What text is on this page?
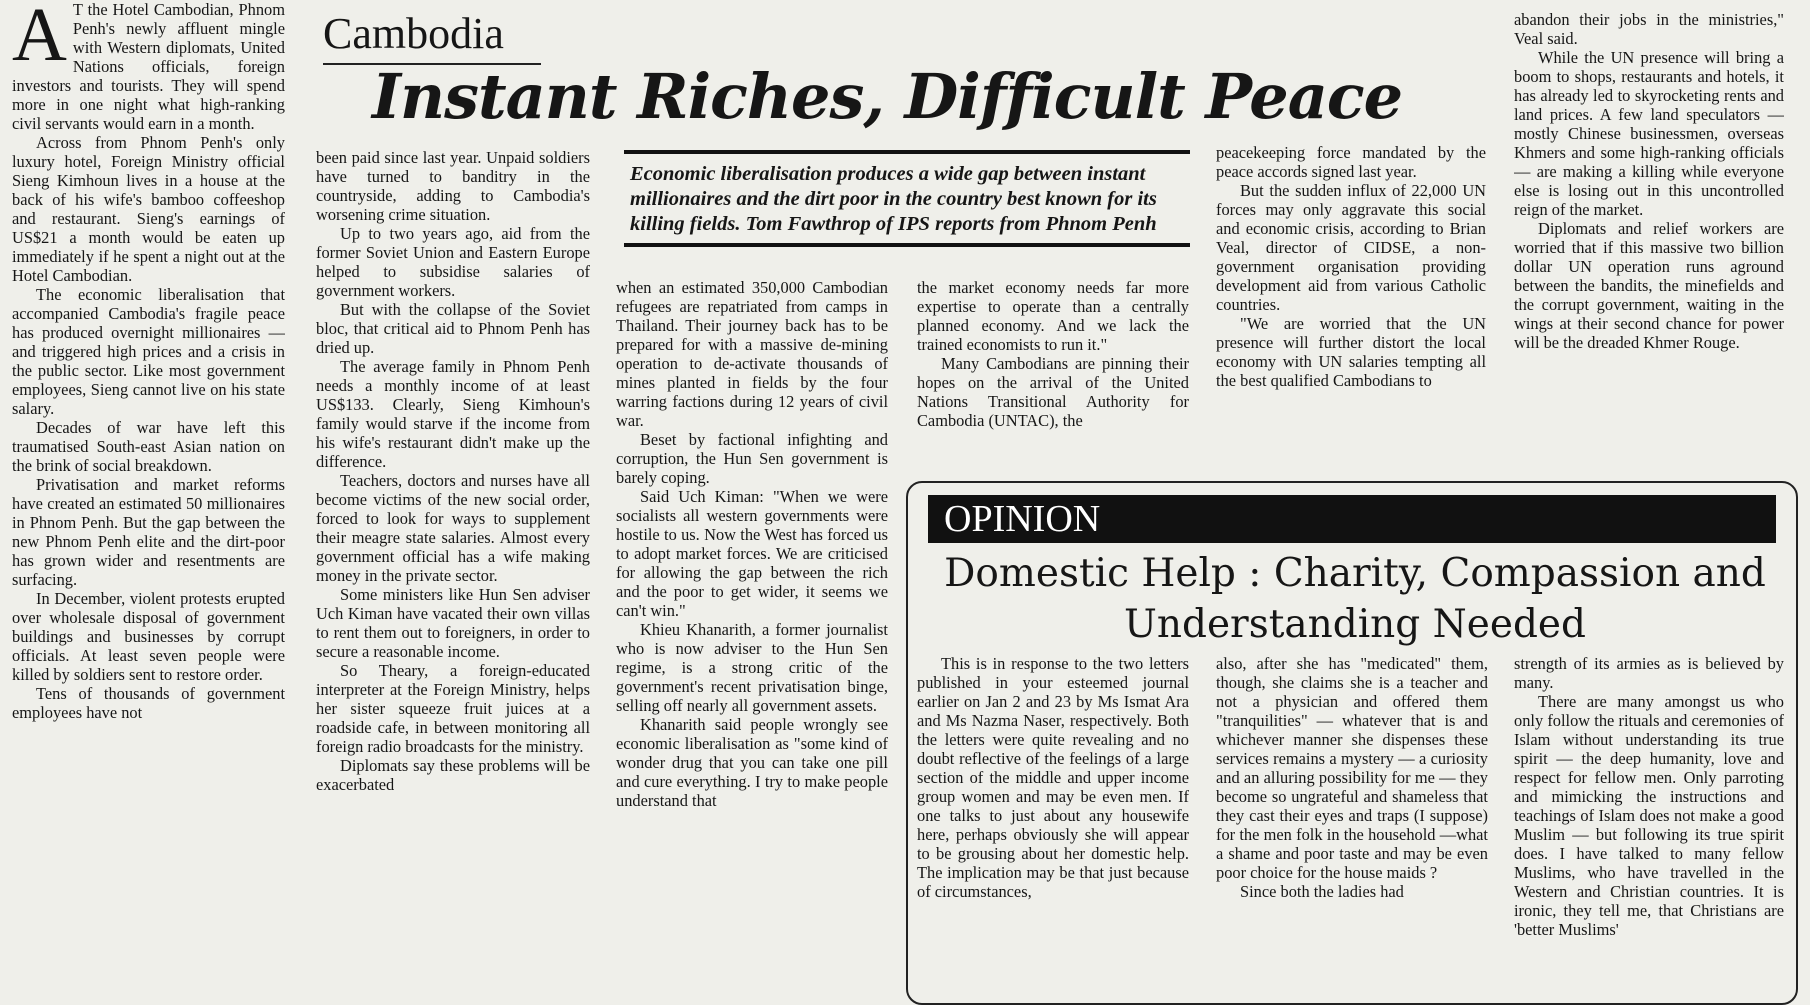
Cambodia
Instant Riches, Difficult Peace
Economic liberalisation produces a wide gap between instant millionaires and the dirt poor in the country best known for its killing fields. Tom Fawthrop of IPS reports from Phnom Penh
A T the Hotel Cambodian, Phnom Penh's newly affluent mingle with Western diplomats, United Nations officials, foreign investors and tourists. They will spend more in one night what high-ranking civil servants would earn in a month.

Across from Phnom Penh's only luxury hotel, Foreign Ministry official Sieng Kimhoun lives in a house at the back of his wife's bamboo coffeeshop and restaurant. Sieng's earnings of US$21 a month would be eaten up immediately if he spent a night out at the Hotel Cambodian.

The economic liberalisation that accompanied Cambodia's fragile peace has produced overnight millionaires — and triggered high prices and a crisis in the public sector. Like most government employees, Sieng cannot live on his state salary.

Decades of war have left this traumatised South-east Asian nation on the brink of social breakdown.

Privatisation and market reforms have created an estimated 50 millionaires in Phnom Penh. But the gap between the new Phnom Penh elite and the dirt-poor has grown wider and resentments are surfacing.

In December, violent protests erupted over wholesale disposal of government buildings and businesses by corrupt officials. At least seven people were killed by soldiers sent to restore order.

Tens of thousands of government employees have not

been paid since last year. Unpaid soldiers have turned to banditry in the countryside, adding to Cambodia's worsening crime situation.

Up to two years ago, aid from the former Soviet Union and Eastern Europe helped to subsidise salaries of government workers.

But with the collapse of the Soviet bloc, that critical aid to Phnom Penh has dried up.

The average family in Phnom Penh needs a monthly income of at least US$133. Clearly, Sieng Kimhoun's family would starve if the income from his wife's restaurant didn't make up the difference.

Teachers, doctors and nurses have all become victims of the new social order, forced to look for ways to supplement their meagre state salaries. Almost every government official has a wife making money in the private sector.

Some ministers like Hun Sen adviser Uch Kiman have vacated their own villas to rent them out to foreigners, in order to secure a reasonable income.

So Theary, a foreign-educated interpreter at the Foreign Ministry, helps her sister squeeze fruit juices at a roadside cafe, in between monitoring all foreign radio broadcasts for the ministry.

Diplomats say these problems will be exacerbated

when an estimated 350,000 Cambodian refugees are repatriated from camps in Thailand. Their journey back has to be prepared for with a massive de-mining operation to de-activate thousands of mines planted in fields by the four warring factions during 12 years of civil war.

Beset by factional infighting and corruption, the Hun Sen government is barely coping.

Said Uch Kiman: "When we were socialists all western governments were hostile to us. Now the West has forced us to adopt market forces. We are criticised for allowing the gap between the rich and the poor to get wider, it seems we can't win."

Khieu Khanarith, a former journalist who is now adviser to the Hun Sen regime, is a strong critic of the government's recent privatisation binge, selling off nearly all government assets.

Khanarith said people wrongly see economic liberalisation as "some kind of wonder drug that you can take one pill and cure everything. I try to make people understand that

the market economy needs far more expertise to operate than a centrally planned economy. And we lack the trained economists to run it."

Many Cambodians are pinning their hopes on the arrival of the United Nations Transitional Authority for Cambodia (UNTAC), the

peacekeeping force mandated by the peace accords signed last year.

But the sudden influx of 22,000 UN forces may only aggravate this social and economic crisis, according to Brian Veal, director of CIDSE, a non-government organisation providing development aid from various Catholic countries.

"We are worried that the UN presence will further distort the local economy with UN salaries tempting all the best qualified Cambodians to

abandon their jobs in the ministries," Veal said.

While the UN presence will bring a boom to shops, restaurants and hotels, it has already led to skyrocketing rents and land prices. A few land speculators — mostly Chinese businessmen, overseas Khmers and some high-ranking officials — are making a killing while everyone else is losing out in this uncontrolled reign of the market.

Diplomats and relief workers are worried that if this massive two billion dollar UN operation runs aground between the bandits, the minefields and the corrupt government, waiting in the wings at their second chance for power will be the dreaded Khmer Rouge.

OPINION
Domestic Help : Charity, Compassion and Understanding Needed

This is in response to the two letters published in your esteemed journal earlier on Jan 2 and 23 by Ms Ismat Ara and Ms Nazma Naser, respectively. Both the letters were quite revealing and no doubt reflective of the feelings of a large section of the middle and upper income group women and may be even men. If one talks to just about any housewife here, perhaps obviously she will appear to be grousing about her domestic help. The implication may be that just because of circumstances,

also, after she has "medicated" them, though, she claims she is a teacher and not a physician and offered them "tranquilities" — whatever that is and whichever manner she dispenses these services remains a mystery — a curiosity and an alluring possibility for me — they become so ungrateful and shameless that they cast their eyes and traps (I suppose) for the men folk in the household —what a shame and poor taste and may be even poor choice for the house maids ?

Since both the ladies had

strength of its armies as is believed by many.

There are many amongst us who only follow the rituals and ceremonies of Islam without understanding its true spirit — the deep humanity, love and respect for fellow men. Only parroting and mimicking the instructions and teachings of Islam does not make a good Muslim — but following its true spirit does. I have talked to many fellow Muslims, who have travelled in the Western and Christian countries. It is ironic, they tell me, that Christians are 'better Muslims'
